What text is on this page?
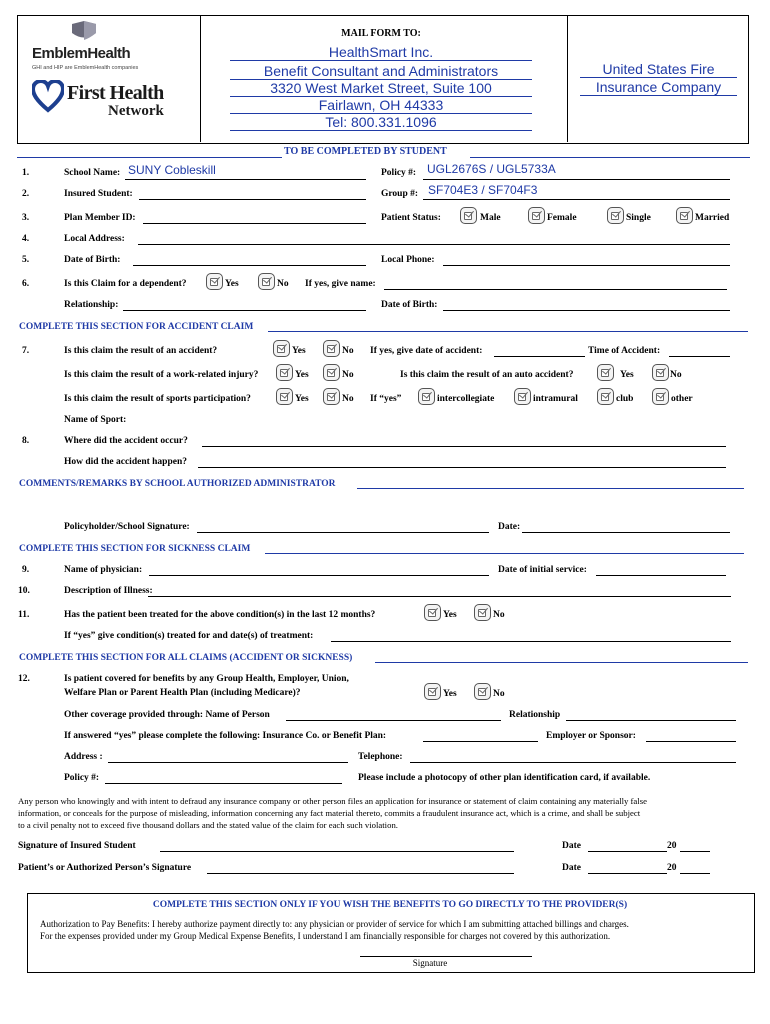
EmblemHealth
GHI and HIP are EmblemHealth companies
First Health
Network
MAIL FORM TO:
HealthSmart Inc.
Benefit Consultant and Administrators
3320 West Market Street, Suite 100
Fairlawn, OH 44333
Tel: 800.331.1096
United States Fire
Insurance Company
TO BE COMPLETED BY STUDENT
1.	School Name: SUNY Cobleskill	Policy #: UGL2676S / UGL5733A
2.	Insured Student:	Group #: SF704E3 / SF704F3
3.	Plan Member ID:	Patient Status:	Male	Female	Single	Married
4.	Local Address:
5.	Date of Birth:	Local Phone:
6.	Is this Claim for a dependent?	Yes	No If yes, give name:
Relationship:	Date of Birth:
COMPLETE THIS SECTION FOR ACCIDENT CLAIM
7.	Is this claim the result of an accident?	Yes	No If yes, give date of accident:	Time of Accident:
Is this claim the result of a work-related injury?	Yes	No	Is this claim the result of an auto accident?	Yes	No
Is this claim the result of sports participation?	Yes	No If “yes”	intercollegiate	intramural	club	other
Name of Sport:
8.	Where did the accident occur?
How did the accident happen?
COMMENTS/REMARKS BY SCHOOL AUTHORIZED ADMINISTRATOR
Policyholder/School Signature:	Date:
COMPLETE THIS SECTION FOR SICKNESS CLAIM
9.	Name of physician:	Date of initial service:
10.	Description of Illness:
11.	Has the patient been treated for the above condition(s) in the last 12 months?	Yes	No
If “yes” give condition(s) treated for and date(s) of treatment:
COMPLETE THIS SECTION FOR ALL CLAIMS (ACCIDENT OR SICKNESS)
12.	Is patient covered for benefits by any Group Health, Employer, Union,
Welfare Plan or Parent Health Plan (including Medicare)?	Yes	No
Other coverage provided through: Name of Person	Relationship
If answered “yes” please complete the following: Insurance Co. or Benefit Plan:	Employer or Sponsor:
Address :	Telephone:
Policy #:	Please include a photocopy of other plan identification card, if available.
Any person who knowingly and with intent to defraud any insurance company or other person files an application for insurance or statement of claim containing any materially false
information, or conceals for the purpose of misleading, information concerning any fact material thereto, commits a fraudulent insurance act, which is a crime, and shall be subject
to a civil penalty not to exceed five thousand dollars and the stated value of the claim for each such violation.
Signature of Insured Student	Date	20
Patient’s or Authorized Person’s Signature	Date	20
COMPLETE THIS SECTION ONLY IF YOU WISH THE BENEFITS TO GO DIRECTLY TO THE PROVIDER(S)
Authorization to Pay Benefits: I hereby authorize payment directly to: any physician or provider of service for which I am submitting attached billings and charges.
For the expenses provided under my Group Medical Expense Benefits, I understand I am financially responsible for charges not covered by this authorization.
Signature
